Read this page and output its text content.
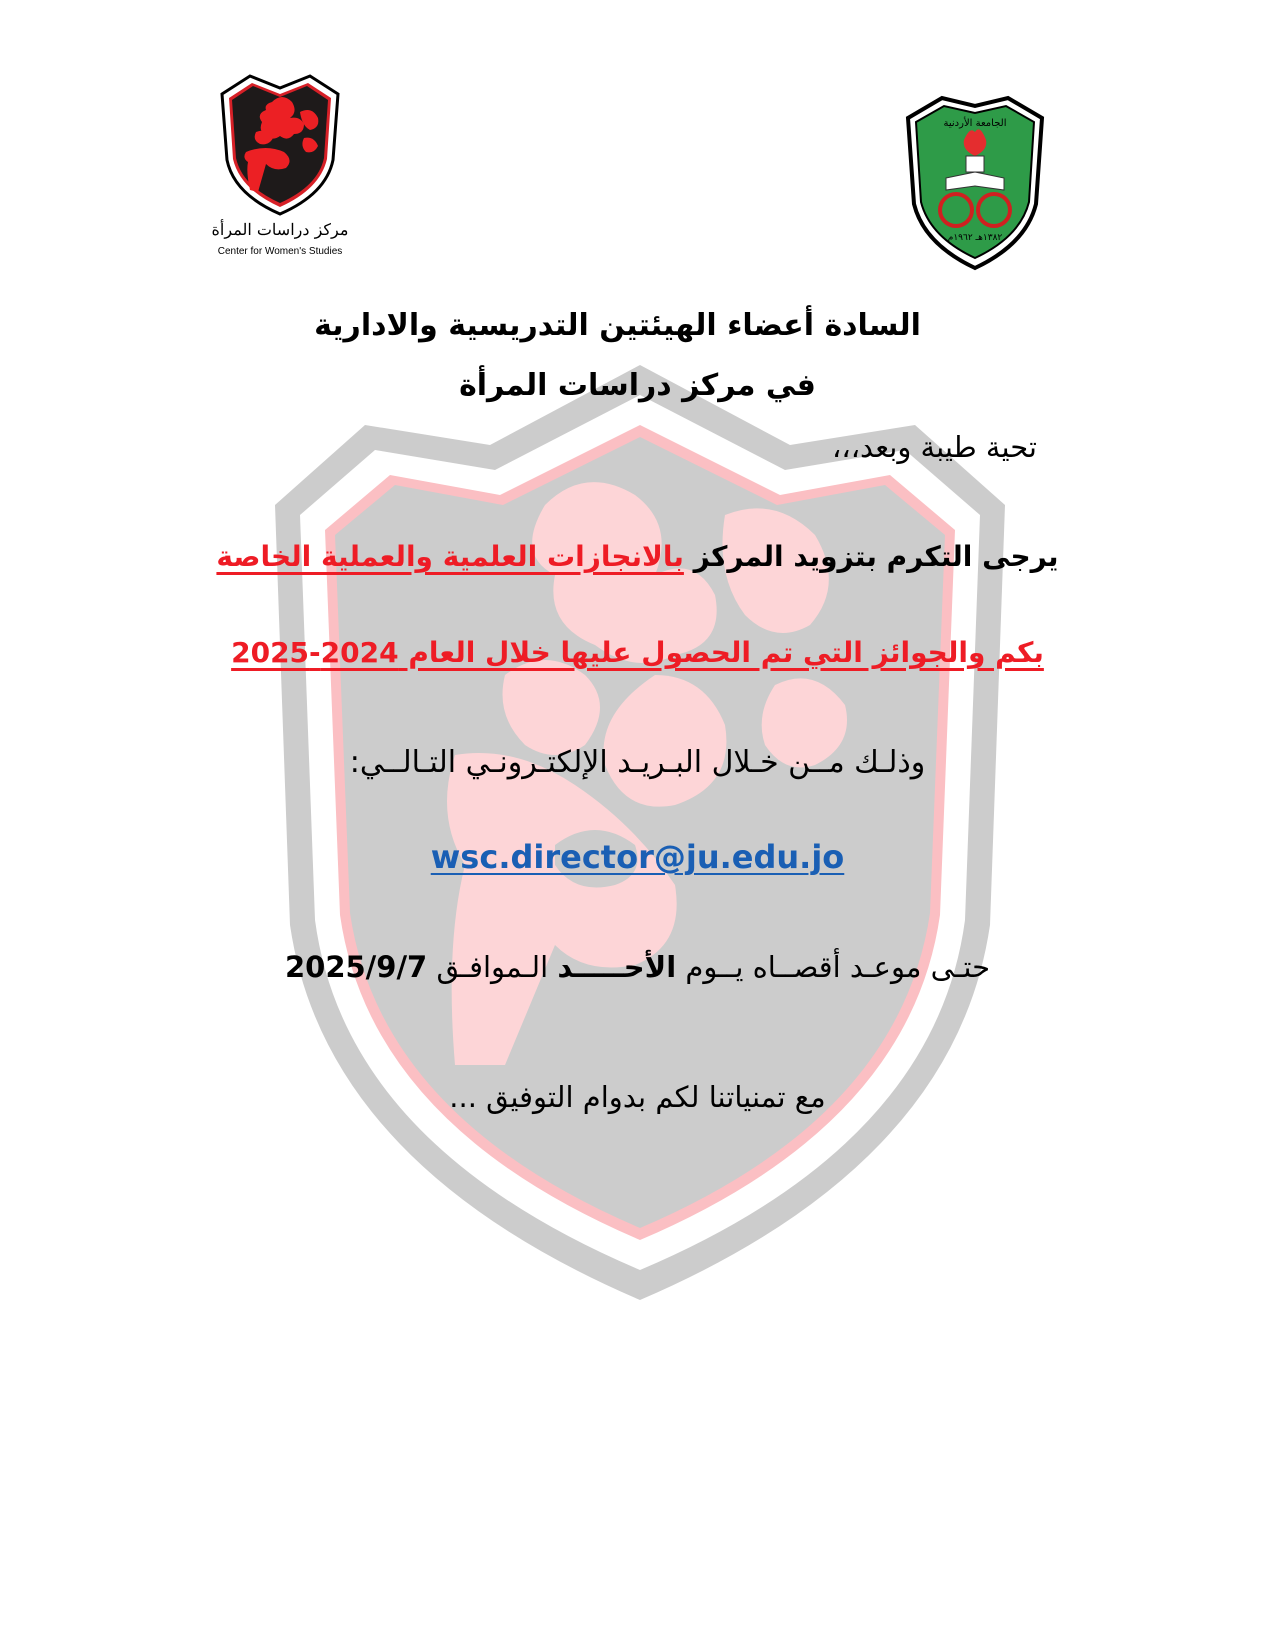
مركز دراسات المرأة
Center for Women's Studies
١٣٨٢هـ ١٩٦٢م
الجامعة الأردنية
السادة أعضاء الهيئتين التدريسية والادارية
في مركز دراسات المرأة
تحية طيبة وبعد،،،
يرجى التكرم بتزويد المركز بالانجازات العلمية والعملية الخاصة
بكم والجوائز التي تم الحصول عليها خلال العام 2024-2025
وذلـك مــن خـلال البـريـد الإلكتـرونـي التـالــي:
wsc.director@ju.edu.jo
حتـى موعـد أقصــاه يــوم الأحـــــد الـموافـق 2025/9/7
مع تمنياتنا لكم بدوام التوفيق ...
